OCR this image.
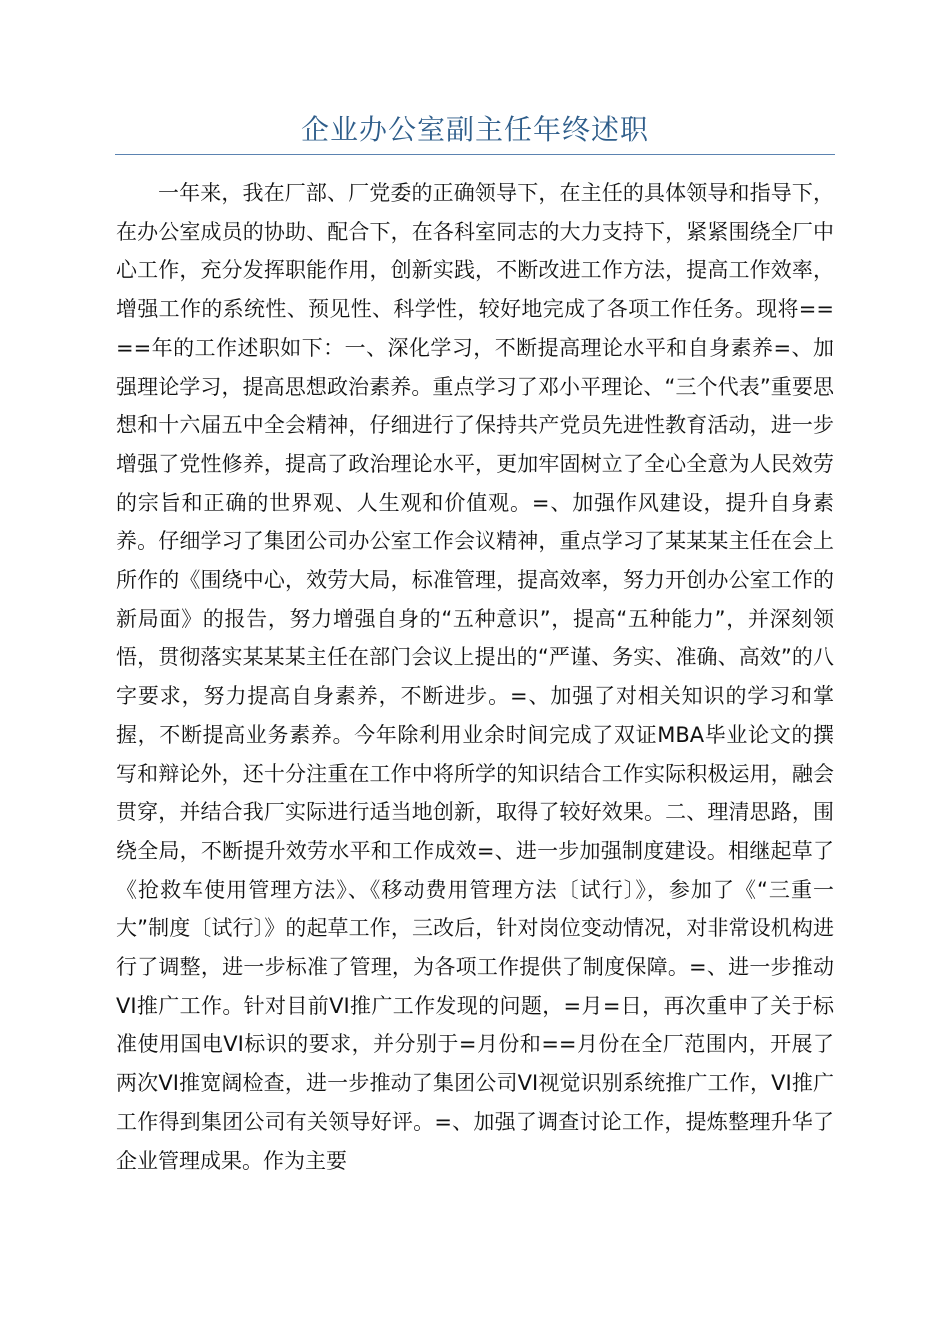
企业办公室副主任年终述职

一年来，我在厂部、厂党委的正确领导下，在主任的具体领导和指导下，在办公室成员的协助、配合下，在各科室同志的大力支持下，紧紧围绕全厂中心工作，充分发挥职能作用，创新实践，不断改进工作方法，提高工作效率，增强工作的系统性、预见性、科学性，较好地完成了各项工作任务。现将====年的工作述职如下：一、深化学习，不断提高理论水平和自身素养=、加强理论学习，提高思想政治素养。重点学习了邓小平理论、“三个代表”重要思想和十六届五中全会精神，仔细进行了保持共产党员先进性教育活动，进一步增强了党性修养，提高了政治理论水平，更加牢固树立了全心全意为人民效劳的宗旨和正确的世界观、人生观和价值观。=、加强作风建设，提升自身素养。仔细学习了集团公司办公室工作会议精神，重点学习了某某某主任在会上所作的《围绕中心，效劳大局，标准管理，提高效率，努力开创办公室工作的新局面》的报告，努力增强自身的“五种意识”，提高“五种能力”，并深刻领悟，贯彻落实某某某主任在部门会议上提出的“严谨、务实、准确、高效”的八字要求，努力提高自身素养，不断进步。=、加强了对相关知识的学习和掌握，不断提高业务素养。今年除利用业余时间完成了双证MBA毕业论文的撰写和辩论外，还十分注重在工作中将所学的知识结合工作实际积极运用，融会贯穿，并结合我厂实际进行适当地创新，取得了较好效果。二、理清思路，围绕全局，不断提升效劳水平和工作成效=、进一步加强制度建设。相继起草了《抢救车使用管理方法》、《移动费用管理方法〔试行〕》，参加了《“三重一大”制度〔试行〕》的起草工作，三改后，针对岗位变动情况，对非常设机构进行了调整，进一步标准了管理，为各项工作提供了制度保障。=、进一步推动VI推广工作。针对目前VI推广工作发现的问题，=月=日，再次重申了关于标准使用国电VI标识的要求，并分别于=月份和==月份在全厂范围内，开展了两次VI推宽阔检查，进一步推动了集团公司VI视觉识别系统推广工作，VI推广工作得到集团公司有关领导好评。=、加强了调查讨论工作，提炼整理升华了企业管理成果。作为主要
